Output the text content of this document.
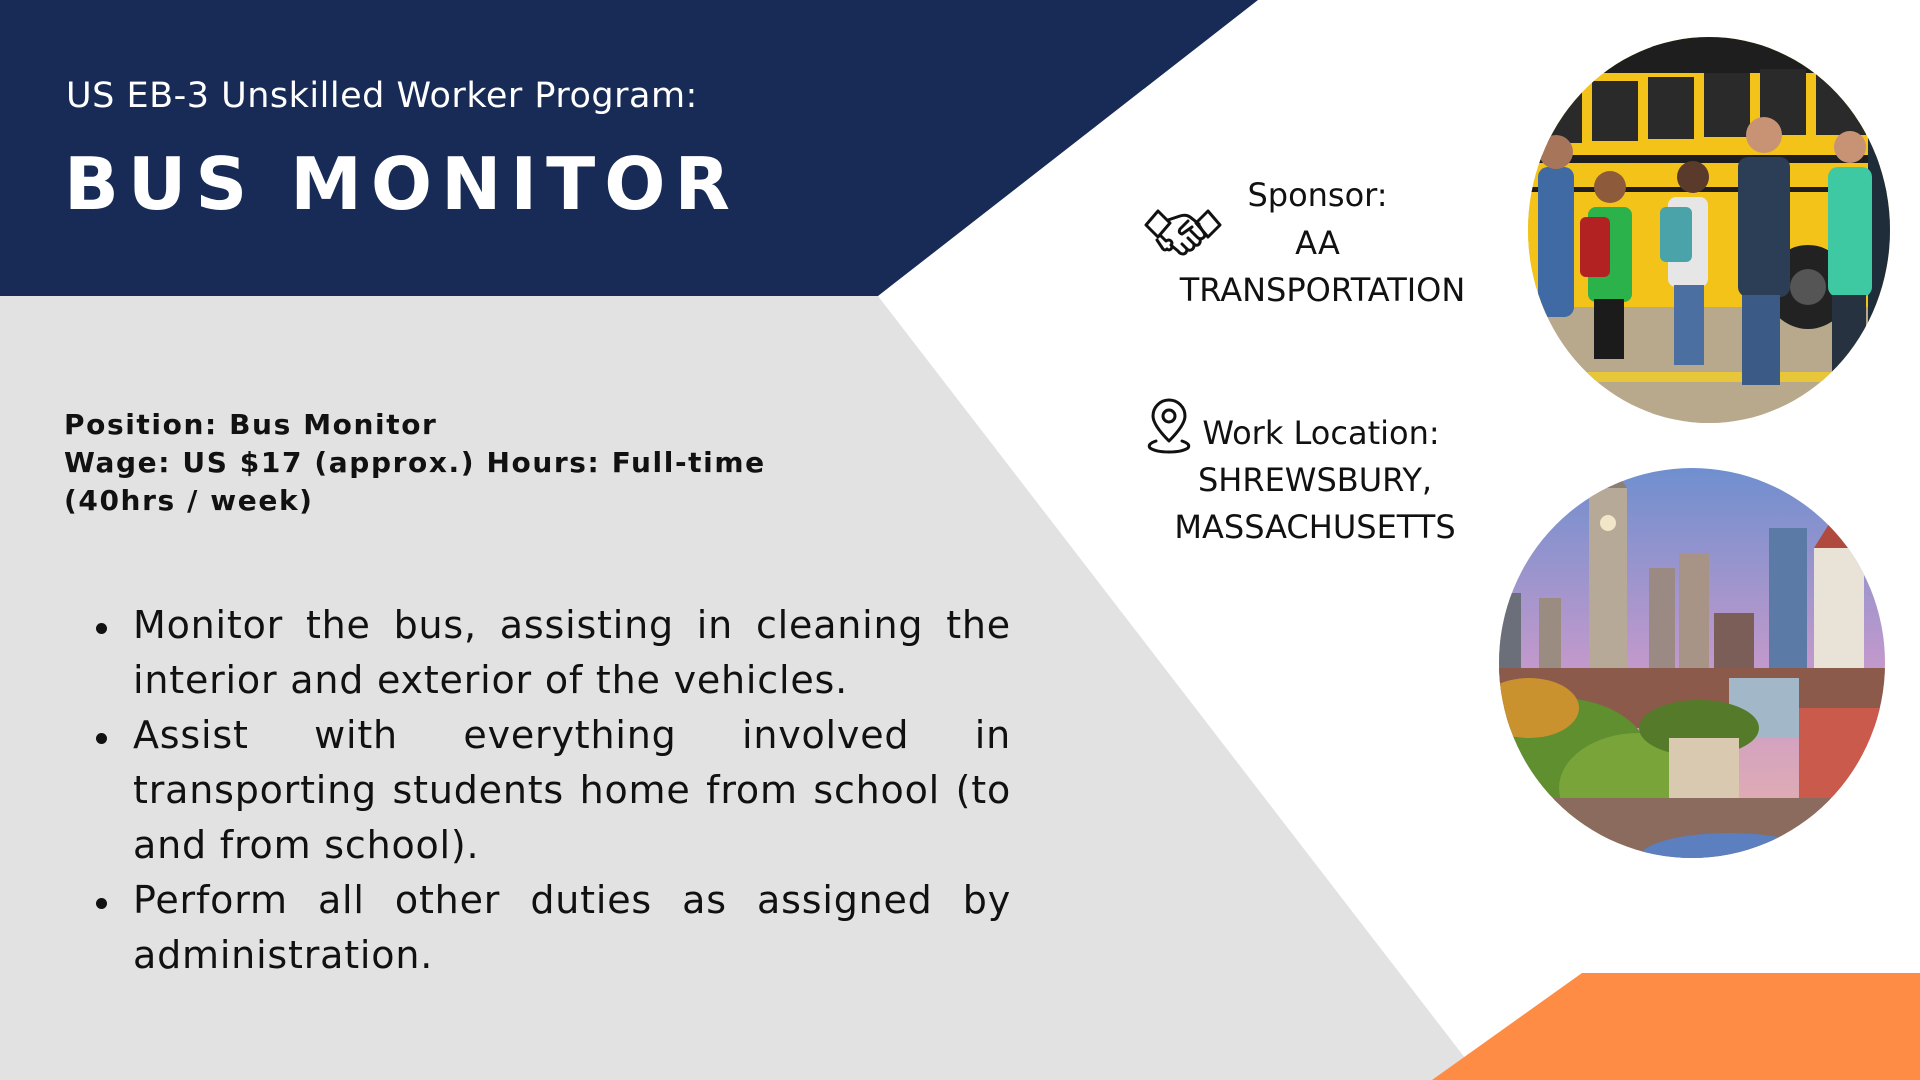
US EB-3 Unskilled Worker Program:
BUS MONITOR
Position: Bus Monitor
Wage: US $17 (approx.) Hours: Full-time
(40hrs / week)
Monitor the bus, assisting in cleaning the interior and exterior of the vehicles.
Assist with everything involved in transporting students home from school (to and from school).
Perform all other duties as assigned by administration.
Sponsor:
AA
TRANSPORTATION
Work Location:
SHREWSBURY,
MASSACHUSETTS
